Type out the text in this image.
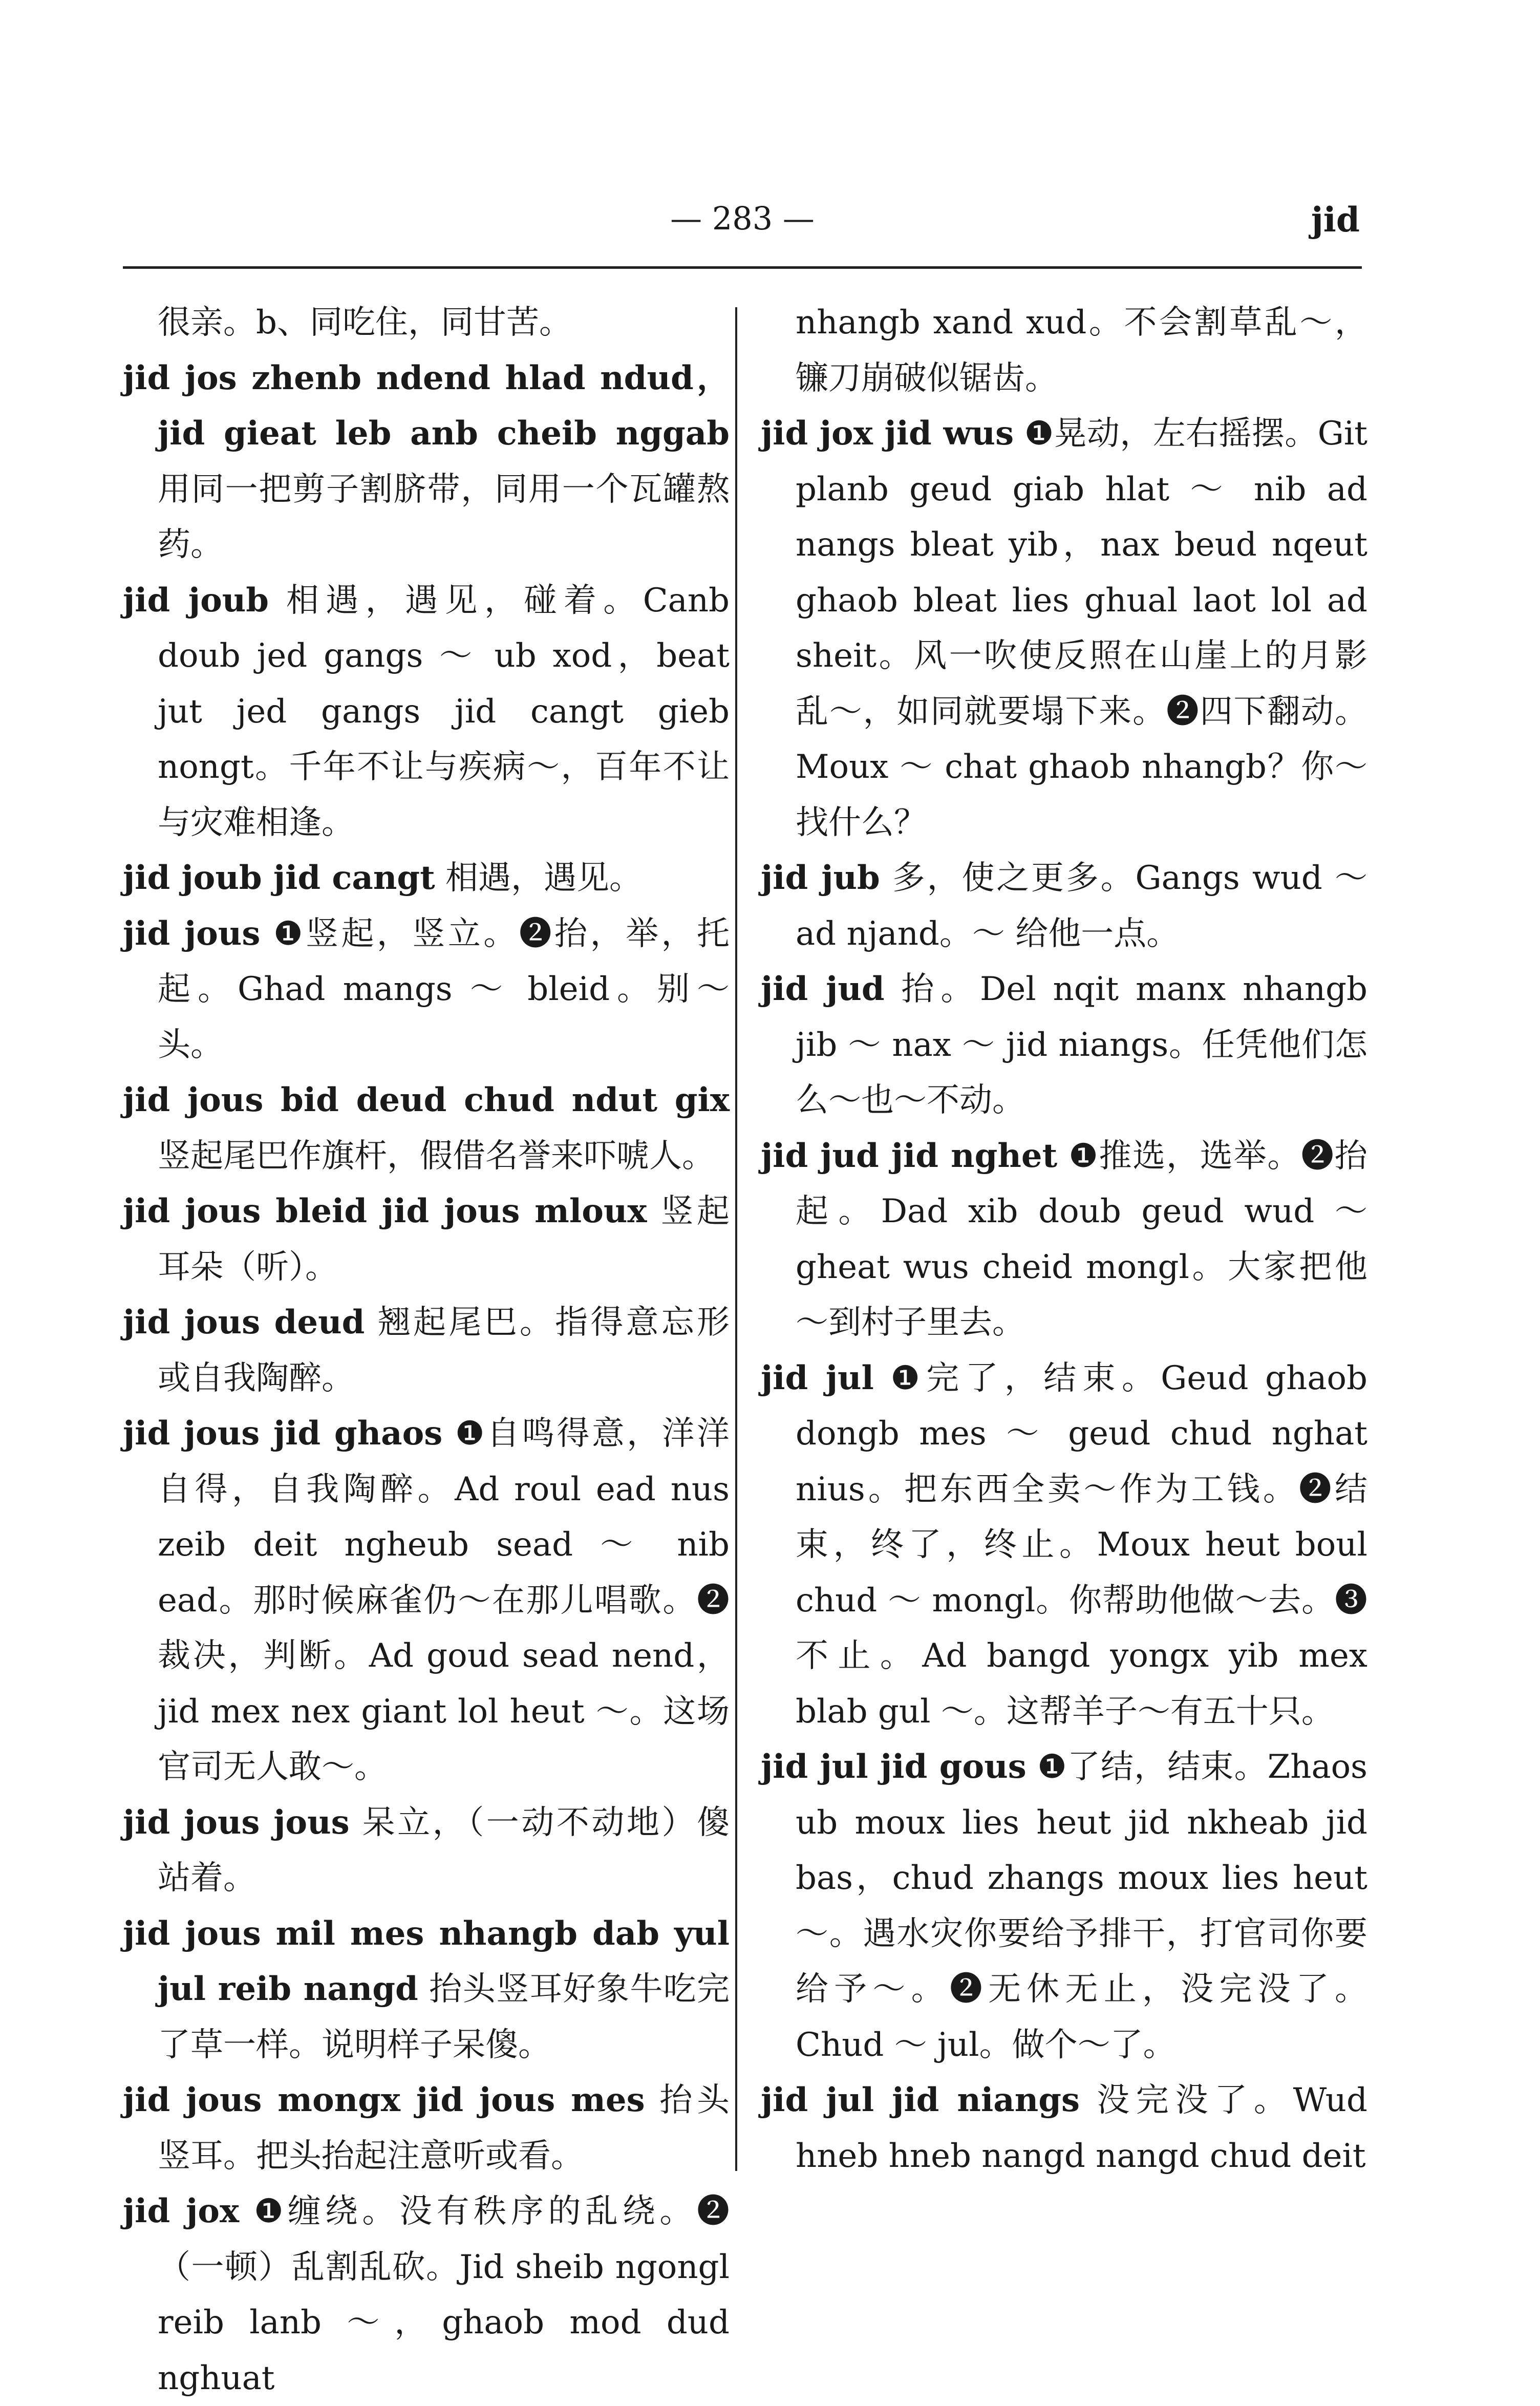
— 283 —	jid
很亲。b、同吃住，同甘苦。
jid jos zhenb ndend hlad ndud，jid gieat leb anb cheib nggab 用同一把剪子割脐带，同用一个瓦罐熬药。
jid joub 相遇，遇见，碰着。Canb doub jed gangs ～ ub xod，beat jut jed gangs jid cangt gieb nongt。千年不让与疾病～，百年不让与灾难相逢。
jid joub jid cangt 相遇，遇见。
jid jous ❶竖起，竖立。❷抬，举，托起。Ghad mangs ～ bleid。别～头。
jid jous bid deud chud ndut gix 竖起尾巴作旗杆，假借名誉来吓唬人。
jid jous bleid jid jous mloux 竖起耳朵（听）。
jid jous deud 翘起尾巴。指得意忘形或自我陶醉。
jid jous jid ghaos ❶自鸣得意，洋洋自得，自我陶醉。Ad roul ead nus zeib deit ngheub sead ～ nib ead。那时候麻雀仍～在那儿唱歌。❷裁决，判断。Ad goud sead nend，jid mex nex giant lol heut ～。这场官司无人敢～。
jid jous jous 呆立，（一动不动地）傻站着。
jid jous mil mes nhangb dab yul jul reib nangd 抬头竖耳好象牛吃完了草一样。说明样子呆傻。
jid jous mongx jid jous mes 抬头竖耳。把头抬起注意听或看。
jid jox ❶缠绕。没有秩序的乱绕。❷（一顿）乱割乱砍。Jid sheib ngongl reib lanb ～，ghaob mod dud nghuat
nhangb xand xud。不会割草乱～，镰刀崩破似锯齿。
jid jox jid wus ❶晃动，左右摇摆。Git planb geud giab hlat ～ nib ad nangs bleat yib，nax beud nqeut ghaob bleat lies ghual laot lol ad sheit。风一吹使反照在山崖上的月影乱～，如同就要塌下来。❷四下翻动。Moux ～ chat ghaob nhangb？你～找什么？
jid jub 多，使之更多。Gangs wud ～ ad njand。～ 给他一点。
jid jud 抬。Del nqit manx nhangb jib ～ nax ～ jid niangs。任凭他们怎么～也～不动。
jid jud jid nghet ❶推选，选举。❷抬起。Dad xib doub geud wud ～ gheat wus cheid mongl。大家把他～到村子里去。
jid jul ❶完了，结束。Geud ghaob dongb mes ～ geud chud nghat nius。把东西全卖～作为工钱。❷结束，终了，终止。Moux heut boul chud ～ mongl。你帮助他做～去。❸不止。Ad bangd yongx yib mex blab gul ～。这帮羊子～有五十只。
jid jul jid gous ❶了结，结束。Zhaos ub moux lies heut jid nkheab jid bas，chud zhangs moux lies heut ～。遇水灾你要给予排干，打官司你要给予～。❷无休无止，没完没了。Chud ～ jul。做个～了。
jid jul jid niangs 没完没了。Wud hneb hneb nangd nangd chud deit
